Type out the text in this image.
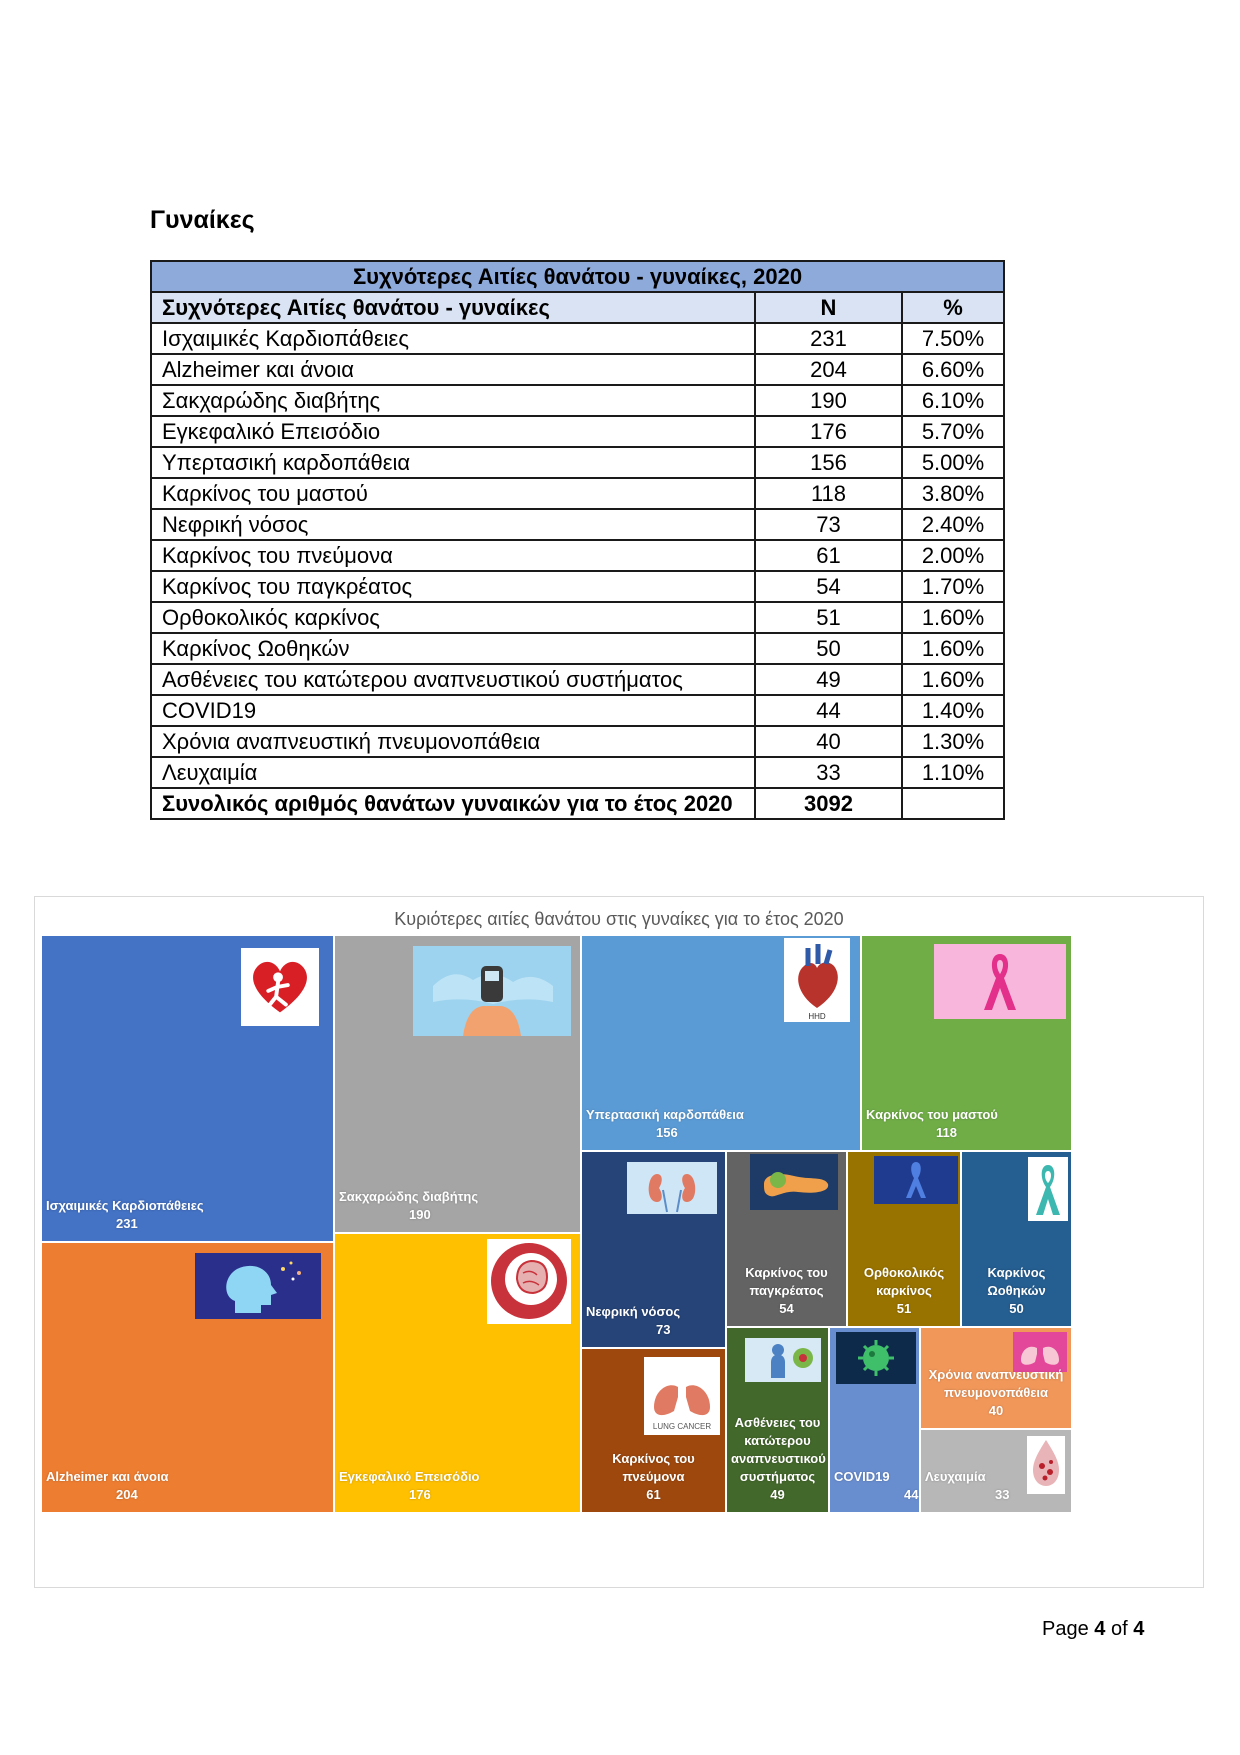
Γυναίκες
Συχνότερες Αιτίες θανάτου - γυναίκες, 2020		
Συχνότερες Αιτίες θανάτου - γυναίκες	N	%
Ισχαιμικές Καρδιοπάθειες	231	7.50%
Alzheimer και άνοια	204	6.60%
Σακχαρώδης διαβήτης	190	6.10%
Εγκεφαλικό Επεισόδιο	176	5.70%
Υπερτασική καρδοπάθεια	156	5.00%
Καρκίνος του μαστού	118	3.80%
Νεφρική νόσος	73	2.40%
Καρκίνος του πνεύμονα	61	2.00%
Καρκίνος του παγκρέατος	54	1.70%
Ορθοκολικός καρκίνος	51	1.60%
Καρκίνος Ωοθηκών	50	1.60%
Ασθένειες του κατώτερου αναπνευστικού συστήματος	49	1.60%
COVID19	44	1.40%
Χρόνια αναπνευστική πνευμονοπάθεια	40	1.30%
Λευχαιμία	33	1.10%
Συνολικός αριθμός θανάτων γυναικών για το έτος 2020	3092	
Κυριότερες αιτίες θανάτου στις γυναίκες για το έτος 2020
Ισχαιμικές Καρδιοπάθειες
231
Alzheimer και άνοια
204
Σακχαρώδης διαβήτης
190
Εγκεφαλικό Επεισόδιο
176
HHD
Υπερτασική καρδοπάθεια
156
Καρκίνος του μαστού
118
Νεφρική νόσος
73
LUNG CANCER
Καρκίνος του πνεύμονα
61
Καρκίνος του παγκρέατος
54
Ορθοκολικός καρκίνος
51
Καρκίνος Ωοθηκών
50
Ασθένειες του κατώτερου αναπνευστικού συστήματος
49
COVID19
44
Χρόνια αναπνευστική πνευμονοπάθεια
40
Λευχαιμία
33
Page 4 of 4
